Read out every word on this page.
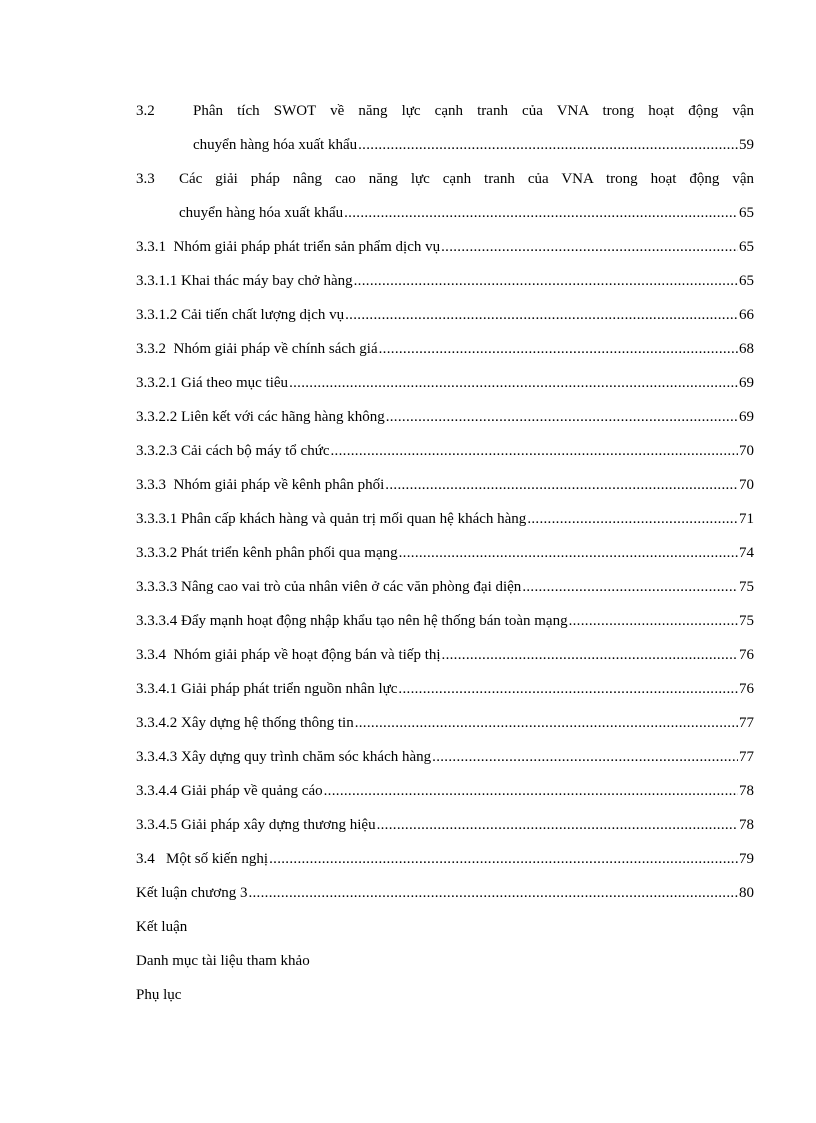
3.2	Phân tích SWOT về năng lực cạnh tranh của VNA trong hoạt động vận
chuyển hàng hóa xuất khẩu .....	59
3.3	Các giải pháp nâng cao năng lực cạnh tranh của VNA trong hoạt động vận
chuyển hàng hóa xuất khẩu .....	65
3.3.1  Nhóm giải pháp phát triển sản phẩm dịch vụ .....	65
3.3.1.1 Khai thác máy bay chở hàng .....	65
3.3.1.2 Cải tiến chất lượng dịch vụ .....	66
3.3.2  Nhóm giải pháp về chính sách giá .....	68
3.3.2.1 Giá theo mục tiêu .....	69
3.3.2.2 Liên kết với các hãng hàng không .....	69
3.3.2.3 Cải cách bộ máy tổ chức .....	70
3.3.3  Nhóm giải pháp về kênh phân phối .....	70
3.3.3.1 Phân cấp khách hàng và quản trị mối quan hệ khách hàng .....	71
3.3.3.2 Phát triển kênh phân phối qua mạng .....	74
3.3.3.3 Nâng cao vai trò của nhân viên ở các văn phòng đại diện .....	75
3.3.3.4 Đẩy mạnh hoạt động nhập khẩu tạo nên hệ thống bán toàn mạng .....	75
3.3.4  Nhóm giải pháp về hoạt động bán và tiếp thị .....	76
3.3.4.1 Giải pháp phát triển nguồn nhân lực .....	76
3.3.4.2 Xây dựng hệ thống thông tin .....	77
3.3.4.3 Xây dựng quy trình chăm sóc khách hàng .....	77
3.3.4.4 Giải pháp về quảng cáo .....	78
3.3.4.5 Giải pháp xây dựng thương hiệu .....	78
3.4   Một số kiến nghị .....	79
Kết luận chương 3 .....	80
Kết luận
Danh mục tài liệu tham khảo
Phụ lục
